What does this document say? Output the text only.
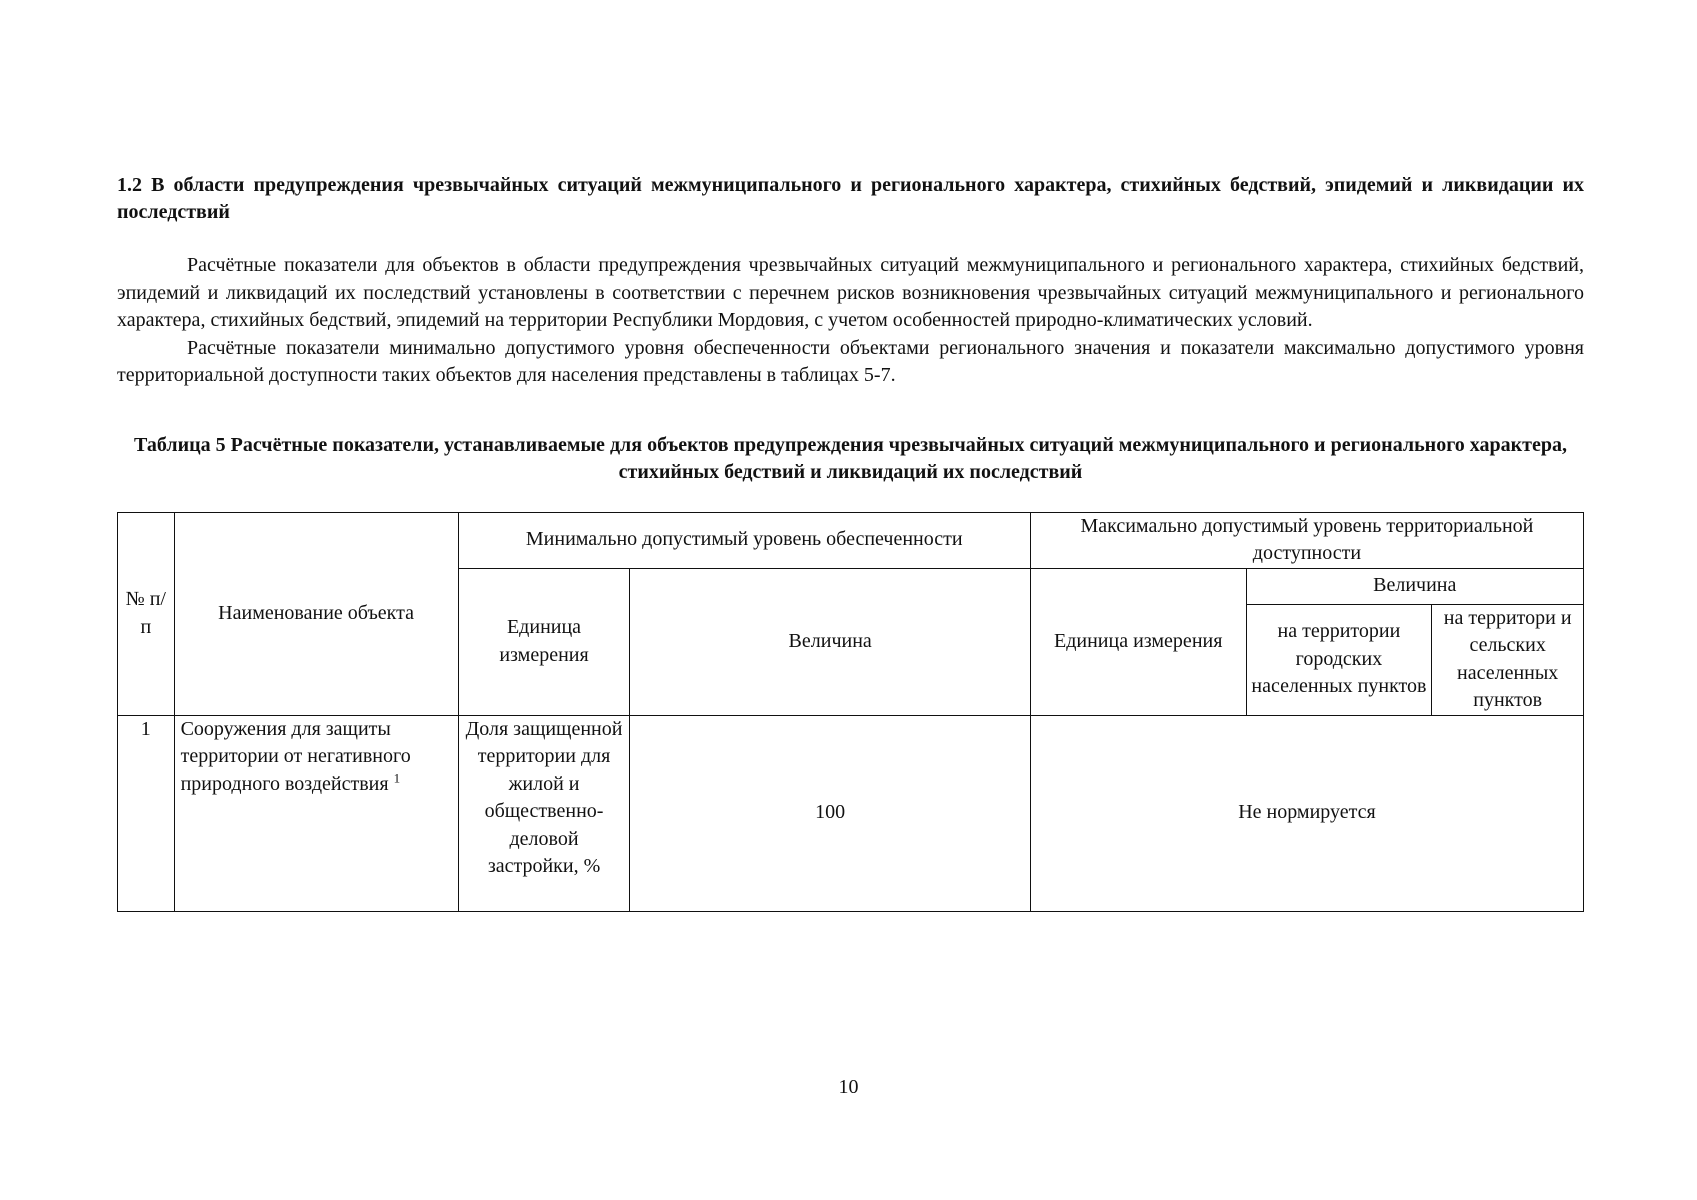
1.2 В области предупреждения чрезвычайных ситуаций межмуниципального и регионального характера, стихийных бедствий, эпидемий и ликвидации их последствий

Расчётные показатели для объектов в области предупреждения чрезвычайных ситуаций межмуниципального и регионального характера, стихийных бедствий, эпидемий и ликвидаций их последствий установлены в соответствии с перечнем рисков возникновения чрезвычайных ситуаций межмуниципального и регионального характера, стихийных бедствий, эпидемий на территории Республики Мордовия, с учетом особенностей природно-климатических условий.

Расчётные показатели минимально допустимого уровня обеспеченности объектами регионального значения и показатели максимально допустимого уровня территориальной доступности таких объектов для населения представлены в таблицах 5-7.

Таблица 5 Расчётные показатели, устанавливаемые для объектов предупреждения чрезвычайных ситуаций межмуниципального и регионального характера, стихийных бедствий и ликвидаций их последствий

№ п/п	Наименование объекта	Минимально допустимый уровень обеспеченности		Максимально допустимый уровень территориальной доступности		
		Единица измерения	Величина	Единица измерения	Величина	
					на территории городских населенных пунктов	на территори и сельских населенных пунктов
1	Сооружения для защиты территории от негативного природного воздействия $^1$	Доля защищенной территории для жилой и общественно-деловой застройки, %	100	Не нормируется		
10
